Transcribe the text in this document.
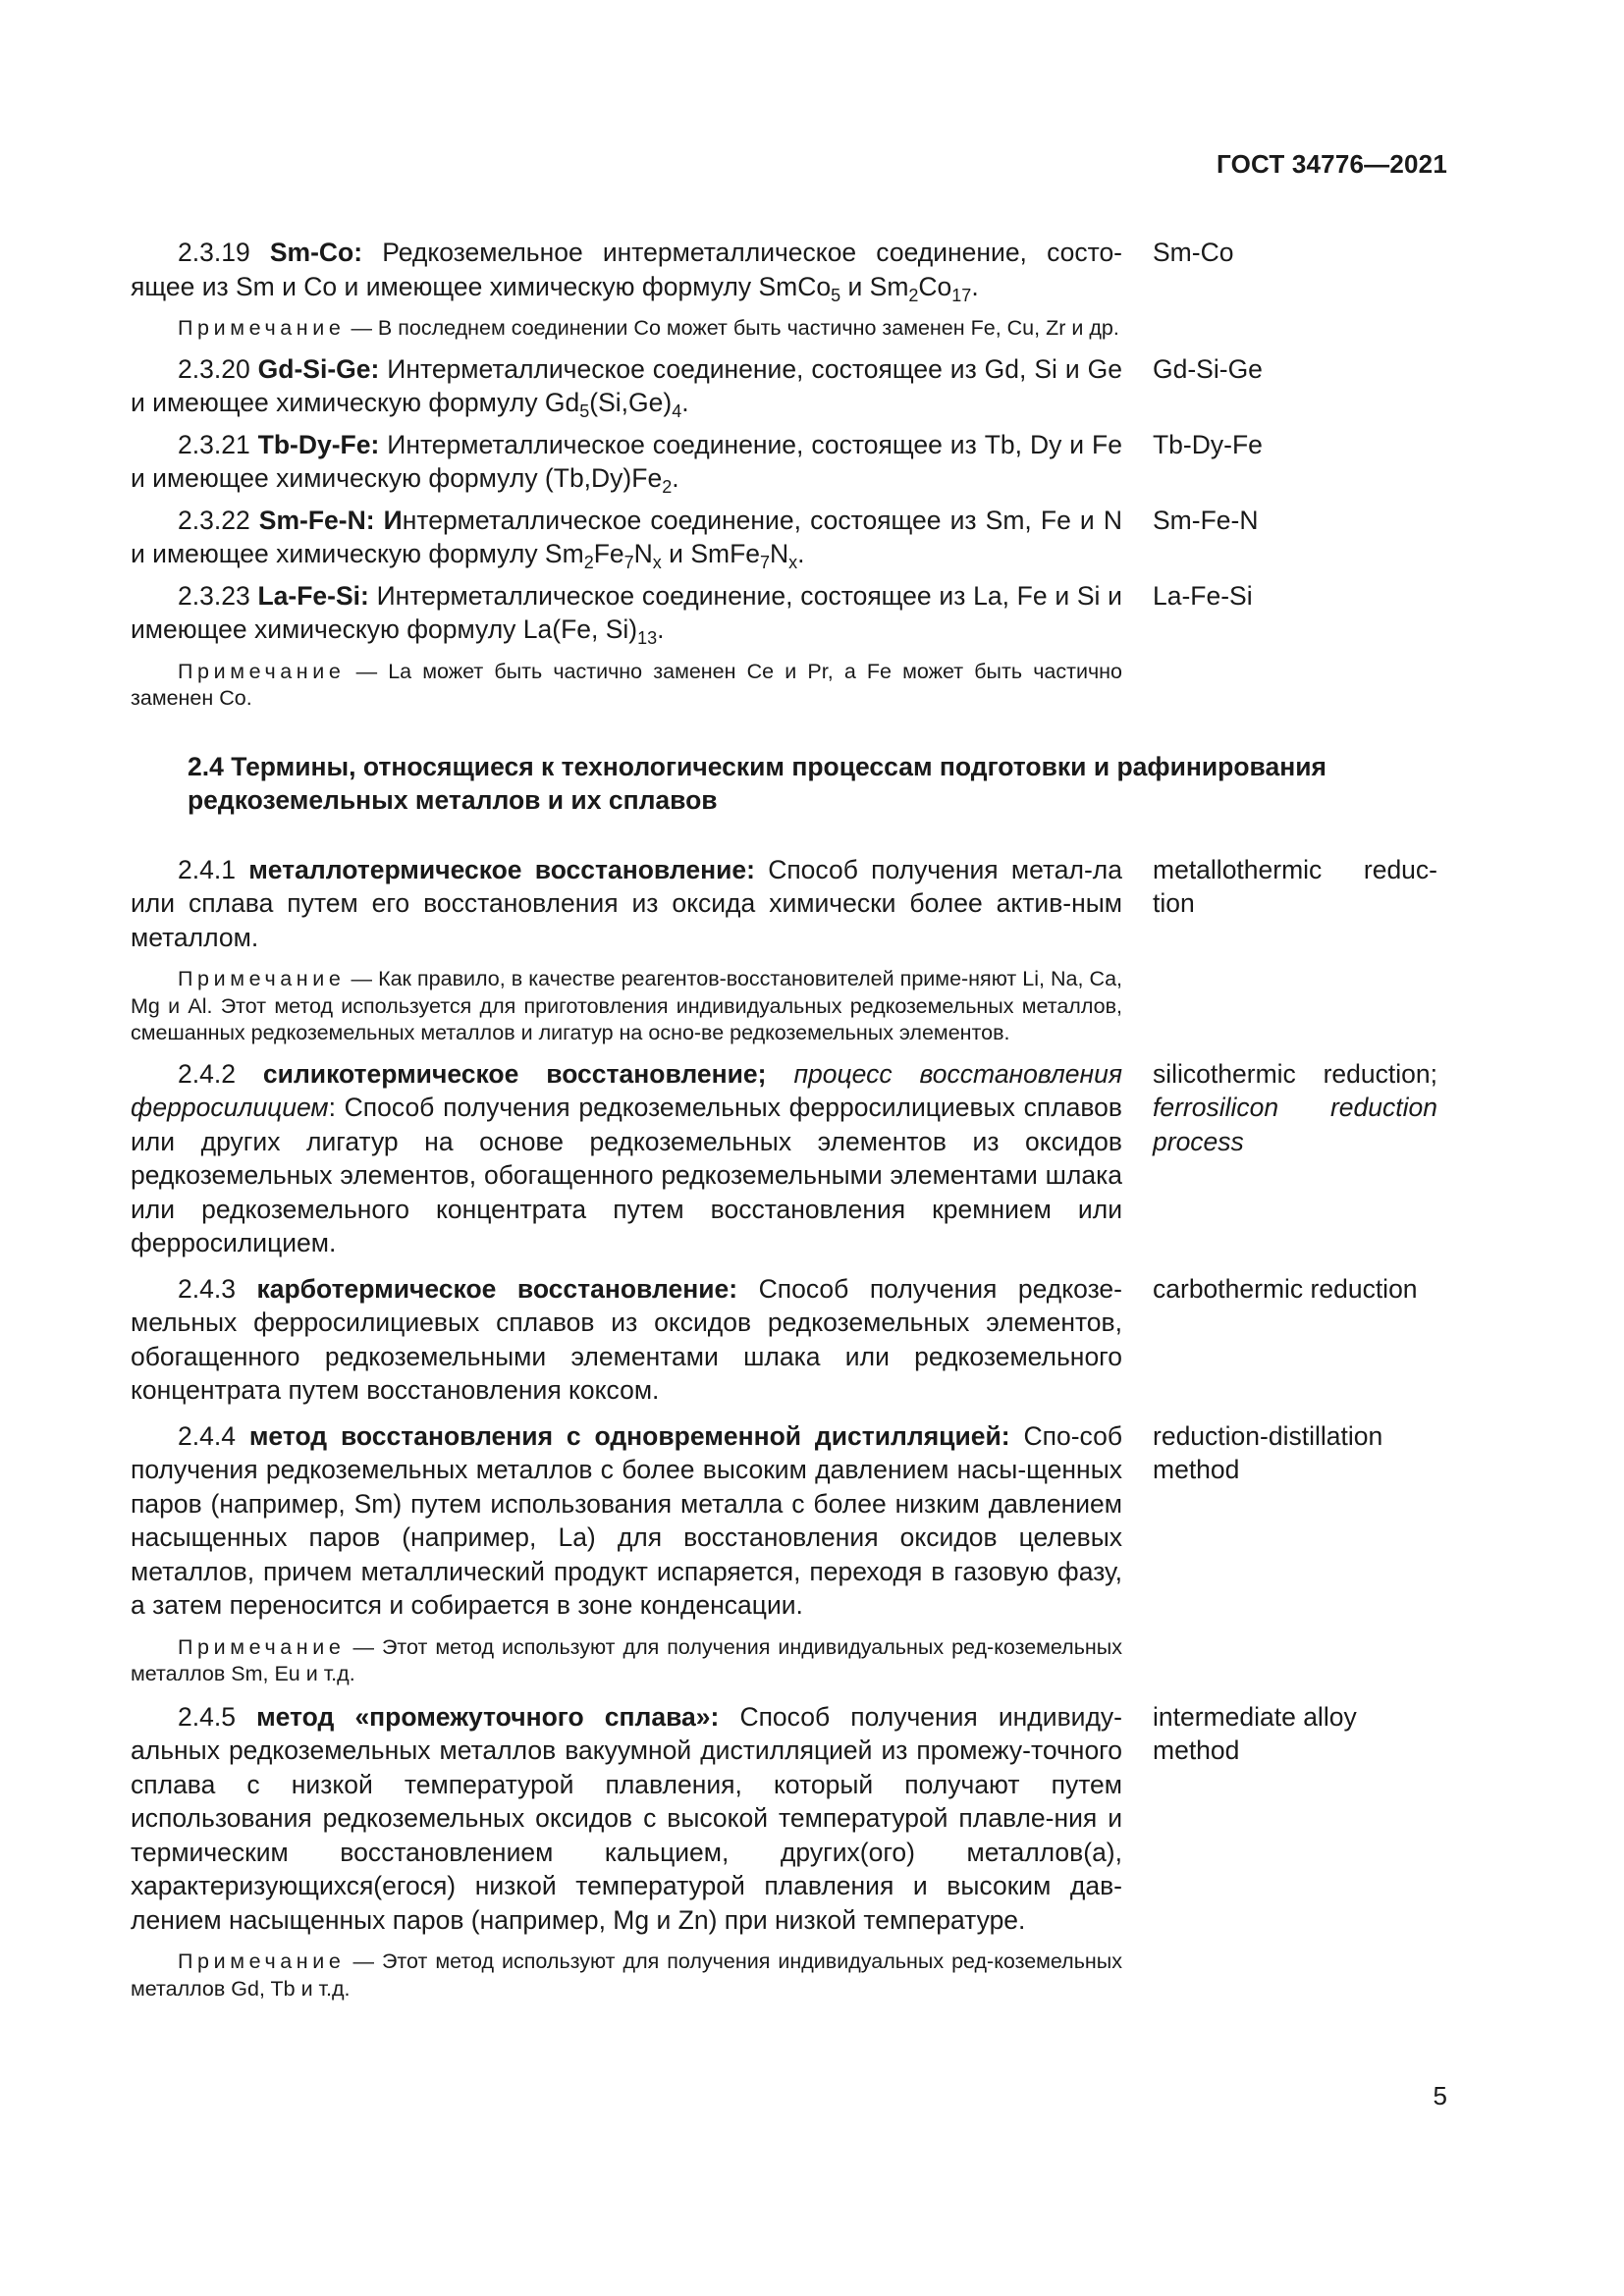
ГОСТ 34776—2021
2.3.19 Sm-Co: Редкоземельное интерметаллическое соединение, состо-ящее из Sm и Co и имеющее химическую формулу SmCo$_5$ и $Sm_2Co_{17}$.
Sm-Co
Примечание — В последнем соединении Co может быть частично заменен Fe, Cu, Zr и др.
2.3.20 Gd-Si-Ge: Интерметаллическое соединение, состоящее из Gd, Si и Ge и имеющее химическую формулу $Gd_5(Si,Ge)_4$.
Gd-Si-Ge
2.3.21 Tb-Dy-Fe: Интерметаллическое соединение, состоящее из Tb, Dy и Fe и имеющее химическую формулу $(Tb,Dy)Fe_2$.
Tb-Dy-Fe
2.3.22 Sm-Fe-N: Интерметаллическое соединение, состоящее из Sm, Fe и N и имеющее химическую формулу $Sm_2Fe_7N_x$ и $SmFe_7N_x$.
Sm-Fe-N
2.3.23 La-Fe-Si: Интерметаллическое соединение, состоящее из La, Fe и Si и имеющее химическую формулу La(Fe, $Si)_{13}$.
La-Fe-Si
Примечание — La может быть частично заменен Ce и Pr, а Fe может быть частично заменен Co.
2.4 Термины, относящиеся к технологическим процессам подготовки и рафинирования редкоземельных металлов и их сплавов
2.4.1 металлотермическое восстановление: Способ получения метал-ла или сплава путем его восстановления из оксида химически более актив-ным металлом.
metallothermic reduc-tion
Примечание — Как правило, в качестве реагентов-восстановителей приме-няют Li, Na, Ca, Mg и Al. Этот метод используется для приготовления индивидуальных редкоземельных металлов, смешанных редкоземельных металлов и лигатур на осно-ве редкоземельных элементов.
2.4.2 силикотермическое восстановление; процесс восстановления ферросилицием: Способ получения редкоземельных ферросилициевых сплавов или других лигатур на основе редкоземельных элементов из оксидов редкоземельных элементов, обогащенного редкоземельными элементами шлака или редкоземельного концентрата путем восстановления кремнием или ферросилицием.
silicothermic reduction; ferrosilicon reduction process
2.4.3 карботермическое восстановление: Способ получения редкозе-мельных ферросилициевых сплавов из оксидов редкоземельных элементов, обогащенного редкоземельными элементами шлака или редкоземельного концентрата путем восстановления коксом.
carbothermic reduction
2.4.4 метод восстановления с одновременной дистилляцией: Спо-соб получения редкоземельных металлов с более высоким давлением насы-щенных паров (например, Sm) путем использования металла с более низким давлением насыщенных паров (например, La) для восстановления оксидов целевых металлов, причем металлический продукт испаряется, переходя в газовую фазу, а затем переносится и собирается в зоне конденсации.
reduction-distillation method
Примечание — Этот метод используют для получения индивидуальных ред-коземельных металлов Sm, Eu и т.д.
2.4.5 метод «промежуточного сплава»: Способ получения индивиду-альных редкоземельных металлов вакуумной дистилляцией из промежу-точного сплава с низкой температурой плавления, который получают путем использования редкоземельных оксидов с высокой температурой плавле-ния и термическим восстановлением кальцием, других(ого) металлов(а), характеризующихся(егося) низкой температурой плавления и высоким дав-лением насыщенных паров (например, Mg и Zn) при низкой температуре.
intermediate alloy method
Примечание — Этот метод используют для получения индивидуальных ред-коземельных металлов Gd, Tb и т.д.
5
